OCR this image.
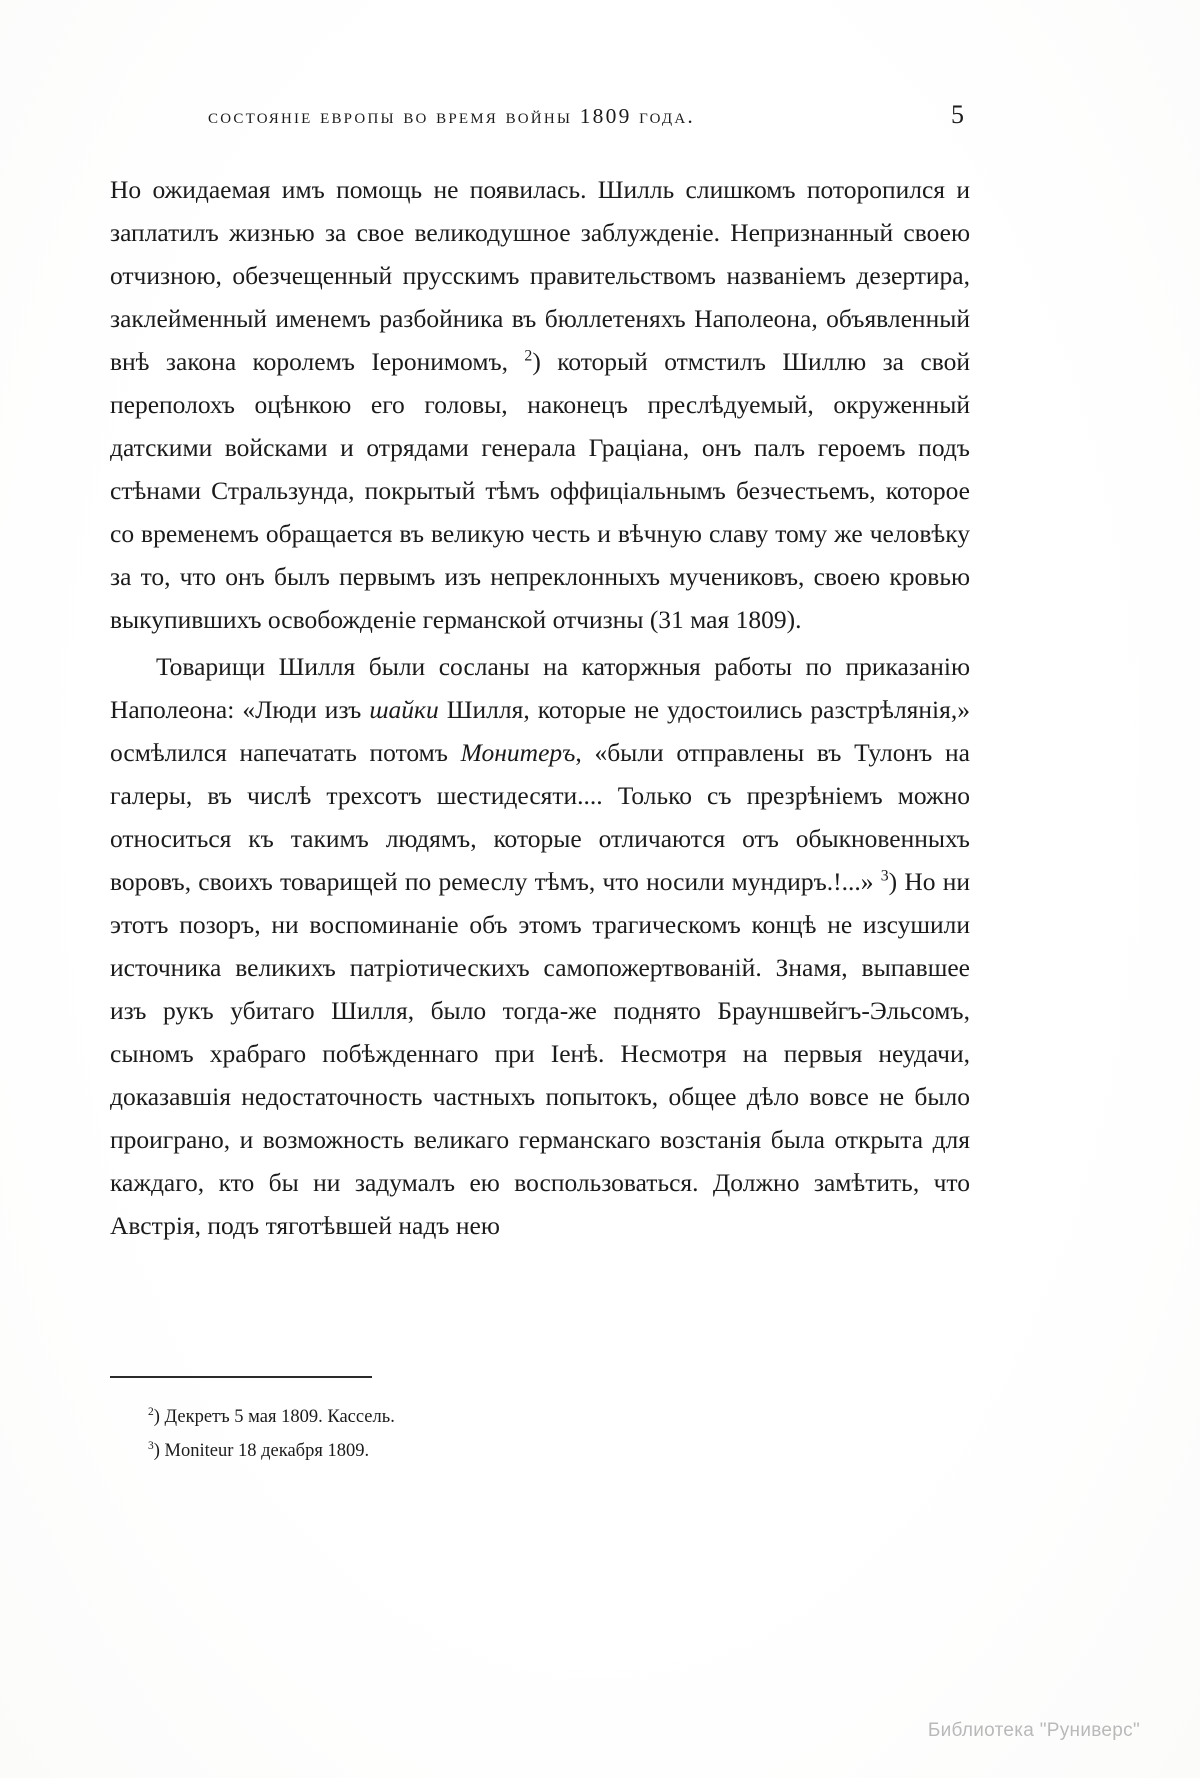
состояніе европы во время войны 1809 года.	5

Но ожидаемая имъ помощь не появилась. Шилль слишкомъ поторопился и заплатилъ жизнью за свое великодушное заблужденіе. Непризнанный своею отчизною, обезчещенный прусскимъ правительствомъ названіемъ дезертира, заклейменный именемъ разбойника въ бюллетеняхъ Наполеона, объявленный внѣ закона королемъ Іеронимомъ, $^2$) который отмстилъ Шиллю за свой переполохъ оцѣнкою его головы, наконецъ преслѣдуемый, окруженный датскими войсками и отрядами генерала Граціана, онъ палъ героемъ подъ стѣнами Стральзунда, покрытый тѣмъ оффиціальнымъ безчестьемъ, которое со временемъ обращается въ великую честь и вѣчную славу тому же человѣку за то, что онъ былъ первымъ изъ непреклонныхъ мучениковъ, своею кровью выкупившихъ освобожденіе германской отчизны (31 мая 1809).

Товарищи Шилля были сосланы на каторжныя работы по приказанію Наполеона: «Люди изъ шайки Шилля, которые не удостоились разстрѣлянія,» осмѣлился напечатать потомъ Монитеръ, «были отправлены въ Тулонъ на галеры, въ числѣ трехсотъ шестидесяти.... Только съ презрѣніемъ можно относиться къ такимъ людямъ, которые отличаются отъ обыкновенныхъ воровъ, своихъ товарищей по ремеслу тѣмъ, что носили мундиръ.!...» $^3$) Но ни этотъ позоръ, ни воспоминаніе объ этомъ трагическомъ концѣ не изсушили источника великихъ патріотическихъ самопожертвованій. Знамя, выпавшее изъ рукъ убитаго Шилля, было тогда-же поднято Брауншвейгъ-Эльсомъ, сыномъ храбраго побѣжденнаго при Іенѣ. Несмотря на первыя неудачи, доказавшія недостаточность частныхъ попытокъ, общее дѣло вовсе не было проиграно, и возможность великаго германскаго возстанія была открыта для каждаго, кто бы ни задумалъ ею воспользоваться. Должно замѣтить, что Австрія, подъ тяготѣвшей надъ нею

$^2$) Декретъ 5 мая 1809. Кассель.
$^3$) Moniteur 18 декабря 1809.
Библиотека "Руниверс"
